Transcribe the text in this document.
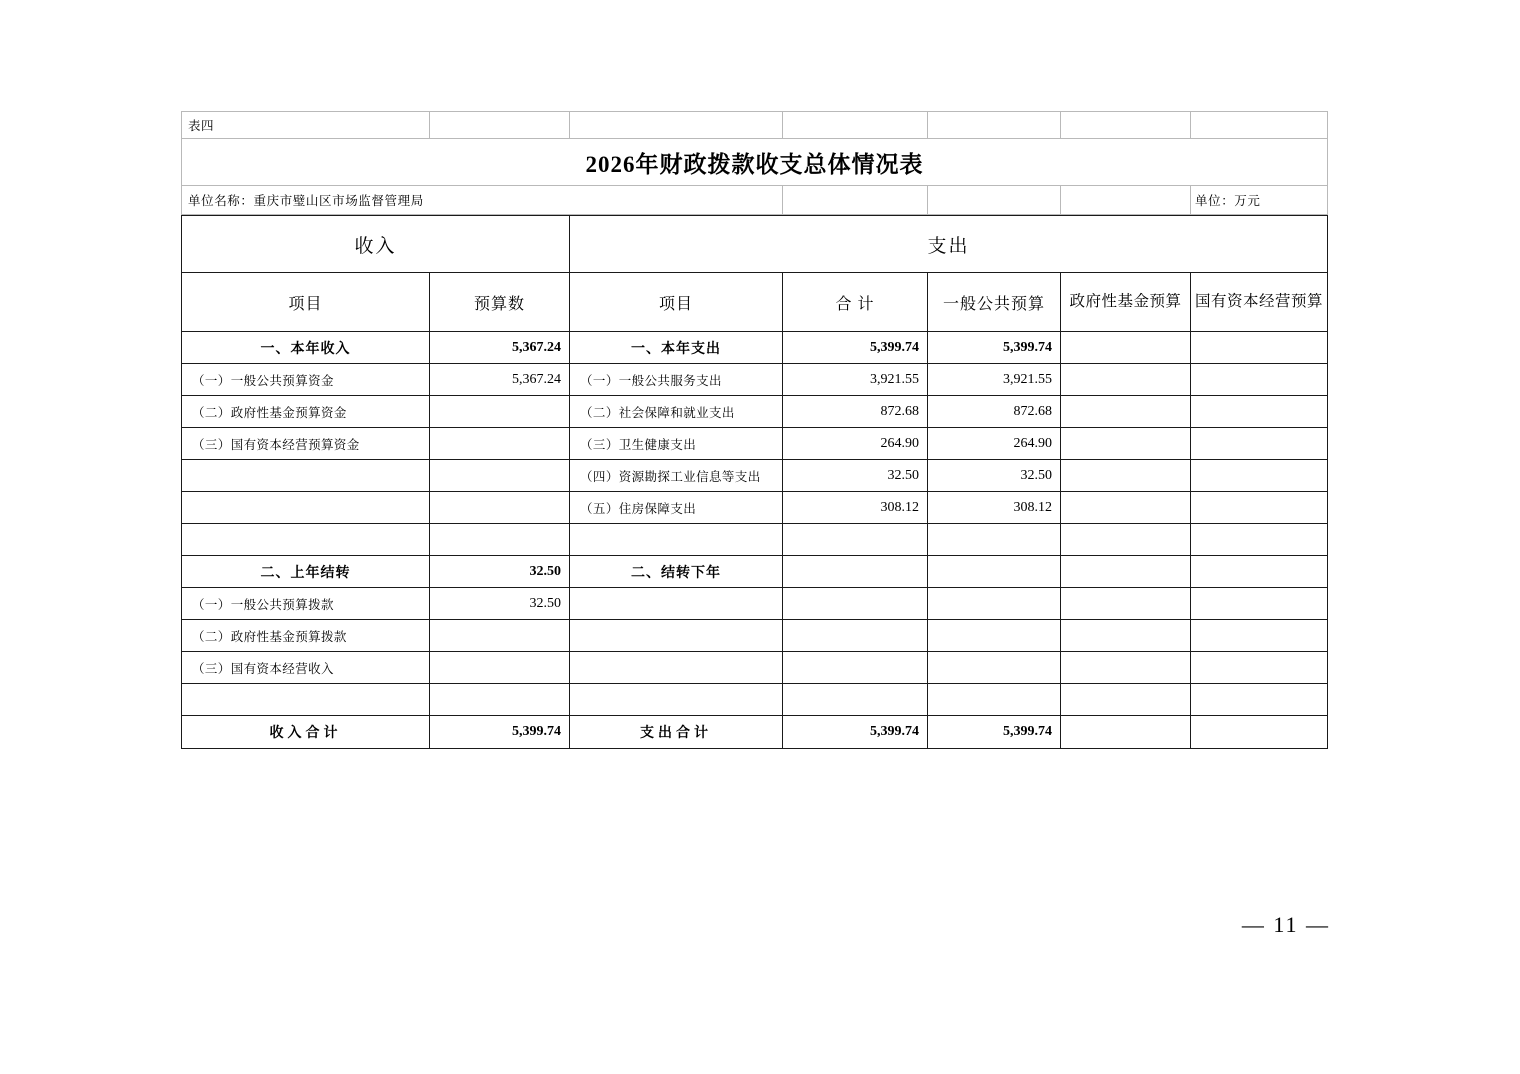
表四						
2026年财政拨款收支总体情况表						
单位名称：重庆市璧山区市场监督管理局						单位：万元
收入		支出				
项目	预算数	项目	合 计	一般公共预算	政府性基金预算	国有资本经营预算
一、本年收入	5,367.24	一、本年支出	5,399.74	5,399.74		
（一）一般公共预算资金	5,367.24	（一）一般公共服务支出	3,921.55	3,921.55		
（二）政府性基金预算资金		（二）社会保障和就业支出	872.68	872.68		
（三）国有资本经营预算资金		（三）卫生健康支出	264.90	264.90		
		（四）资源勘探工业信息等支出	32.50	32.50		
		（五）住房保障支出	308.12	308.12		

二、上年结转	32.50	二、结转下年				
（一）一般公共预算拨款	32.50					
（二）政府性基金预算拨款						
（三）国有资本经营收入						

收入合计	5,399.74	支出合计	5,399.74	5,399.74		
— 11 —
